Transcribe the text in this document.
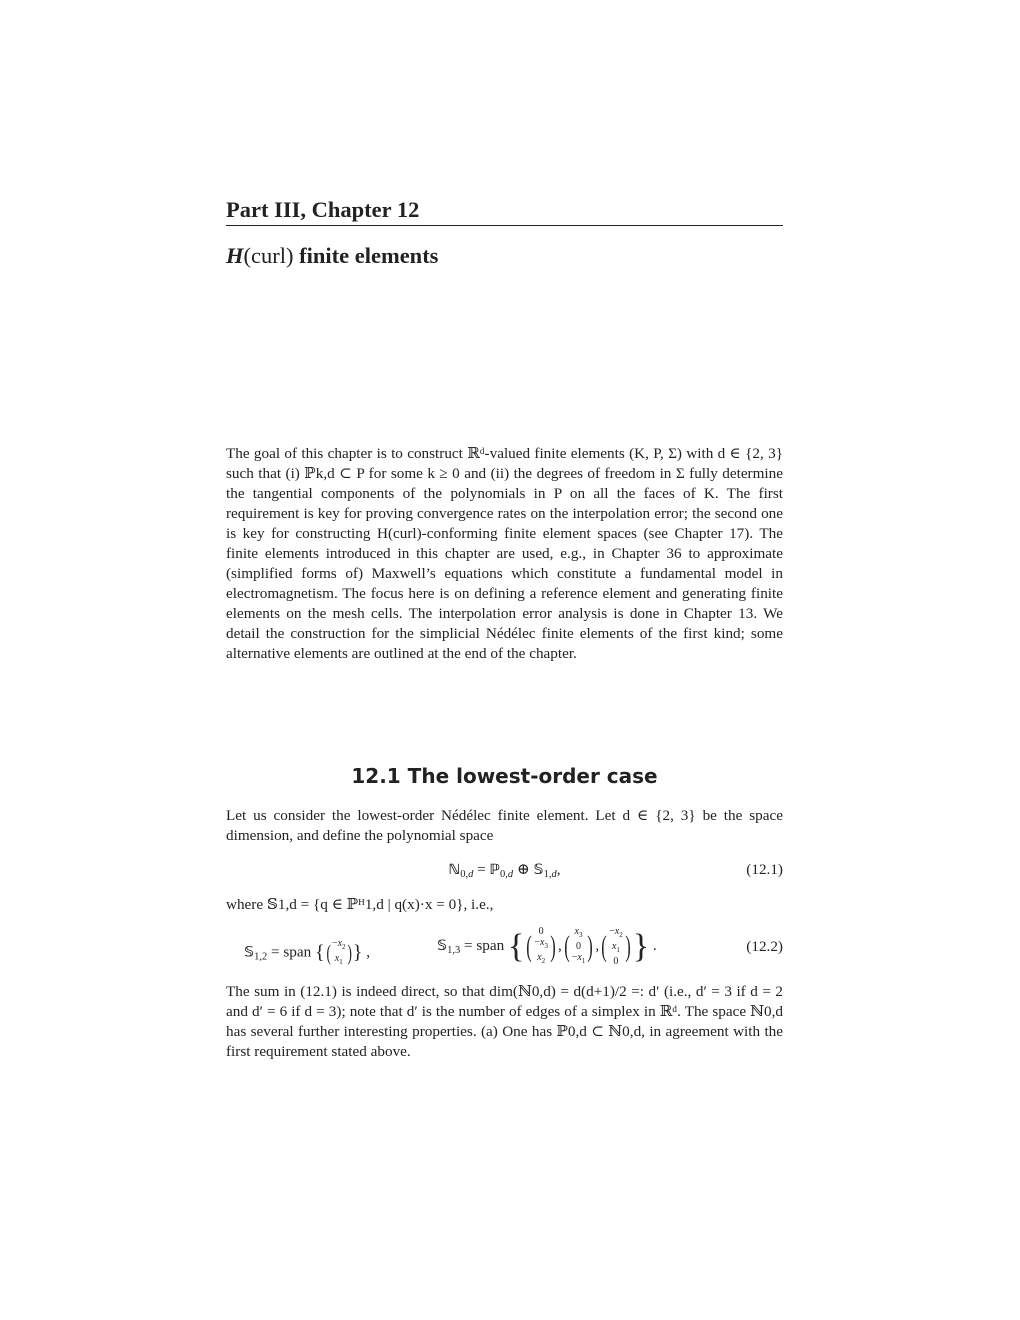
Part III, Chapter 12
H(curl) finite elements

The goal of this chapter is to construct ℝᵈ-valued finite elements (K, P, Σ) with d ∈ {2, 3} such that (i) ℙk,d ⊂ P for some k ≥ 0 and (ii) the degrees of freedom in Σ fully determine the tangential components of the polynomials in P on all the faces of K. The first requirement is key for proving convergence rates on the interpolation error; the second one is key for constructing H(curl)-conforming finite element spaces (see Chapter 17). The finite elements introduced in this chapter are used, e.g., in Chapter 36 to approximate (simplified forms of) Maxwell’s equations which constitute a fundamental model in electromagnetism. The focus here is on defining a reference element and generating finite elements on the mesh cells. The interpolation error analysis is done in Chapter 13. We detail the construction for the simplicial Nédélec finite elements of the first kind; some alternative elements are outlined at the end of the chapter.

12.1 The lowest-order case

Let us consider the lowest-order Nédélec finite element. Let d ∈ {2, 3} be the space dimension, and define the polynomial space

ℕ$_{0,d}$ = ℙ$_{0,d}$ ⊕ 𝕊$_{1,d}$,	(12.1)
where 𝕊1,d = {q ∈ ℙᴴ1,d | q(x)·x = 0}, i.e.,
𝕊$_{1,2}$ = span {( $-x_2$
$x_1$ )} ,	𝕊$_{1,3}$ = span {( 0
$-x_3$
$x_2$ ) ,( $x_3$
0
$-x_1$ ) ,( $-x_2$
$x_1$
0 )} .	(12.2)

The sum in (12.1) is indeed direct, so that dim(ℕ0,d) = d(d+1)/2 =: d′ (i.e., d′ = 3 if d = 2 and d′ = 6 if d = 3); note that d′ is the number of edges of a simplex in ℝᵈ. The space ℕ0,d has several further interesting properties. (a) One has ℙ0,d ⊂ ℕ0,d, in agreement with the first requirement stated above.
